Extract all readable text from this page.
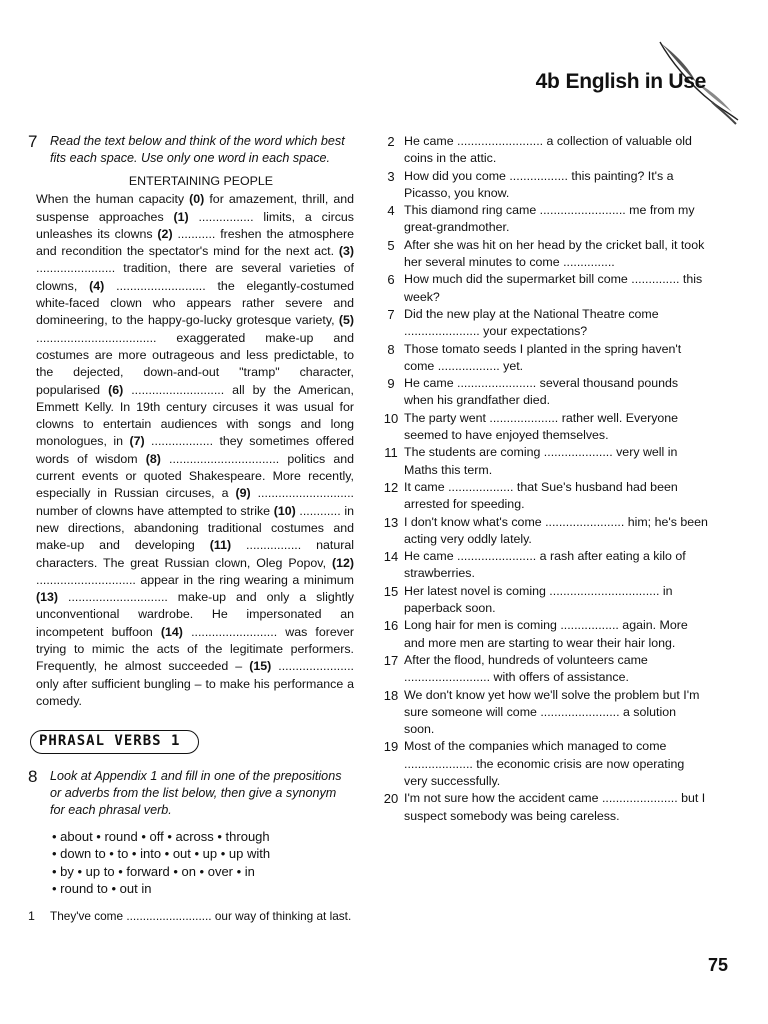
4b English in Use
7 Read the text below and think of the word which best fits each space. Use only one word in each space.
ENTERTAINING PEOPLE
When the human capacity (0) for amazement, thrill, and suspense approaches (1) ................ limits, a circus unleashes its clowns (2) ........... freshen the atmosphere and recondition the spectator's mind for the next act. (3) ....................... tradition, there are several varieties of clowns, (4) .......................... the elegantly-costumed white-faced clown who appears rather severe and domineering, to the happy-go-lucky grotesque variety, (5) ................................... exaggerated make-up and costumes are more outrageous and less predictable, to the dejected, down-and-out "tramp" character, popularised (6) ........................... all by the American, Emmett Kelly. In 19th century circuses it was usual for clowns to entertain audiences with songs and long monologues, in (7) .................. they sometimes offered words of wisdom (8) ................................ politics and current events or quoted Shakespeare. More recently, especially in Russian circuses, a (9) ............................ number of clowns have attempted to strike (10) ............ in new directions, abandoning traditional costumes and make-up and developing (11) ................ natural characters. The great Russian clown, Oleg Popov, (12) ............................. appear in the ring wearing a minimum (13) ............................. make-up and only a slightly unconventional wardrobe. He impersonated an incompetent buffoon (14) ......................... was forever trying to mimic the acts of the legitimate performers. Frequently, he almost succeeded – (15) ...................... only after sufficient bungling – to make his performance a comedy.
PHRASAL VERBS 1
8 Look at Appendix 1 and fill in one of the prepositions or adverbs from the list below, then give a synonym for each phrasal verb.
• about • round • off • across • through
• down to • to • into • out • up • up with
• by • up to • forward • on • over • in
• round to • out in
1	They've come .......................... our way of thinking at last.
2 He came ......................... a collection of valuable old coins in the attic.
3 How did you come ................. this painting? It's a Picasso, you know.
4 This diamond ring came ......................... me from my great-grandmother.
5 After she was hit on her head by the cricket ball, it took her several minutes to come ...............
6 How much did the supermarket bill come .............. this week?
7 Did the new play at the National Theatre come ...................... your expectations?
8 Those tomato seeds I planted in the spring haven't come .................. yet.
9 He came ....................... several thousand pounds when his grandfather died.
10 The party went .................... rather well. Everyone seemed to have enjoyed themselves.
11 The students are coming .................... very well in Maths this term.
12 It came ................... that Sue's husband had been arrested for speeding.
13 I don't know what's come ....................... him; he's been acting very oddly lately.
14 He came ....................... a rash after eating a kilo of strawberries.
15 Her latest novel is coming ................................ in paperback soon.
16 Long hair for men is coming ................. again. More and more men are starting to wear their hair long.
17 After the flood, hundreds of volunteers came ......................... with offers of assistance.
18 We don't know yet how we'll solve the problem but I'm sure someone will come ....................... a solution soon.
19 Most of the companies which managed to come .................... the economic crisis are now operating very successfully.
20 I'm not sure how the accident came ...................... but I suspect somebody was being careless.
75
